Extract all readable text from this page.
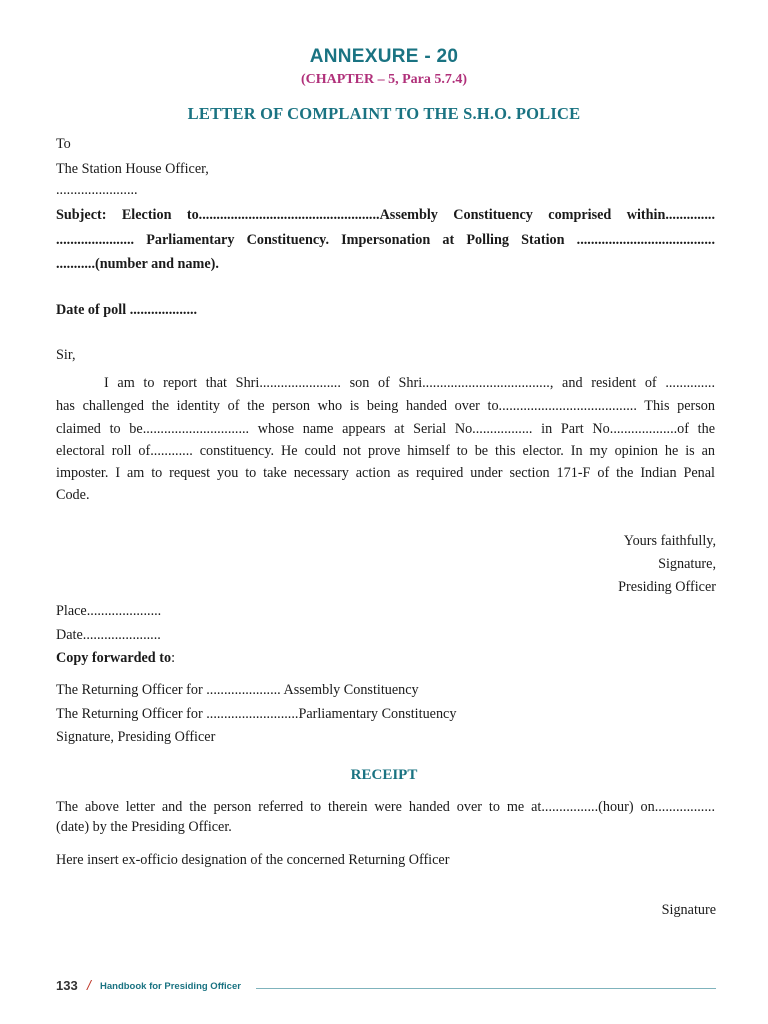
ANNEXURE - 20
(CHAPTER – 5, Para 5.7.4)
LETTER OF COMPLAINT TO THE S.H.O. POLICE
To
The Station House Officer,
.......................
Subject: Election to...................................................Assembly Constituency comprised within..............
...................... Parliamentary Constituency. Impersonation at Polling Station .......................................
...........(number and name).
Date of poll ...................
Sir,
I am to report that Shri....................... son of Shri...................................., and resident of ..............
has challenged the identity of the person who is being handed over to....................................... This person
claimed to be.............................. whose name appears at Serial No................. in Part No...................of the
electoral roll of............ constituency. He could not prove himself to be this elector. In my opinion he is an
imposter. I am to request you to take necessary action as required under section 171-F of the Indian Penal
Code.
Yours faithfully,
Signature,
Presiding Officer
Place.....................
Date......................
Copy forwarded to:
The Returning Officer for ..................... Assembly Constituency
The Returning Officer for ..........................Parliamentary Constituency
Signature, Presiding Officer
RECEIPT
The above letter and the person referred to therein were handed over to me at................(hour) on.................
(date) by the Presiding Officer.
Here insert ex-officio designation of the concerned Returning Officer
Signature
133 / Handbook for Presiding Officer
